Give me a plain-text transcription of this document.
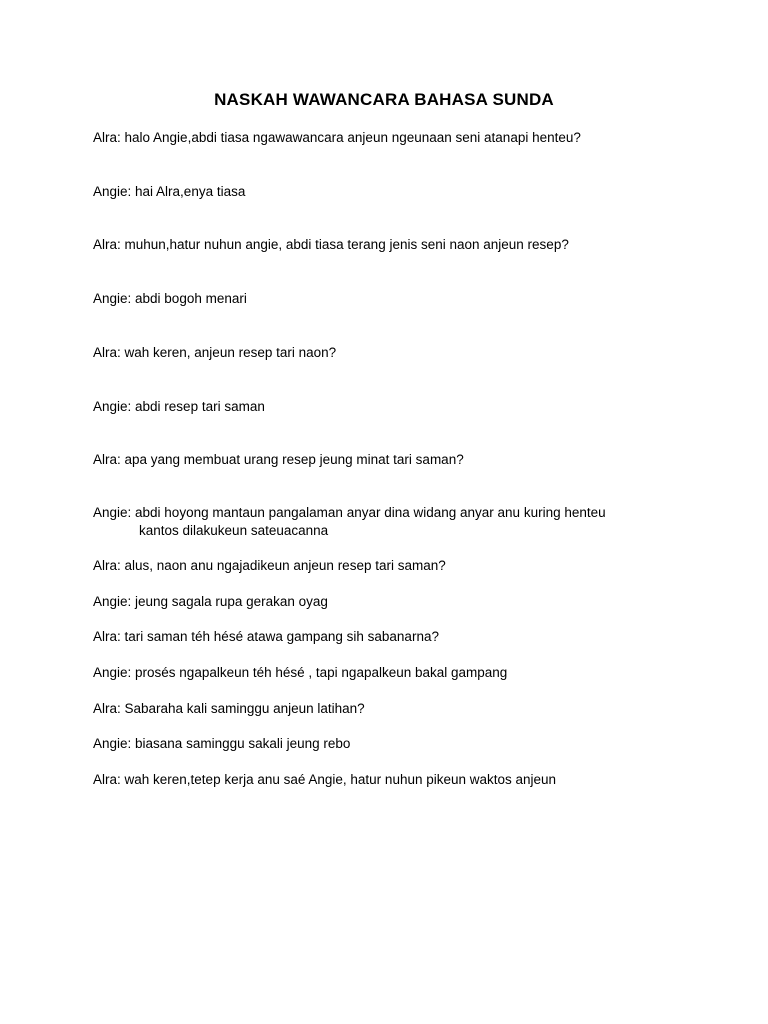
NASKAH WAWANCARA BAHASA SUNDA

Alra: halo Angie,abdi tiasa ngawawancara anjeun ngeunaan seni atanapi henteu?

Angie: hai Alra,enya tiasa

Alra: muhun,hatur nuhun angie, abdi tiasa terang jenis seni naon anjeun resep?

Angie: abdi bogoh menari

Alra: wah keren, anjeun resep tari naon?

Angie: abdi resep tari saman

Alra: apa yang membuat urang resep jeung minat tari saman?

Angie: abdi hoyong mantaun pangalaman anyar dina widang anyar anu kuring henteu
kantos dilakukeun sateuacanna

Alra: alus, naon anu ngajadikeun anjeun resep tari saman?

Angie: jeung sagala rupa gerakan oyag

Alra: tari saman téh hésé atawa gampang sih sabanarna?

Angie: prosés ngapalkeun téh hésé , tapi ngapalkeun bakal gampang

Alra: Sabaraha kali saminggu anjeun latihan?

Angie: biasana saminggu sakali jeung rebo

Alra: wah keren,tetep kerja anu saé Angie, hatur nuhun pikeun waktos anjeun
